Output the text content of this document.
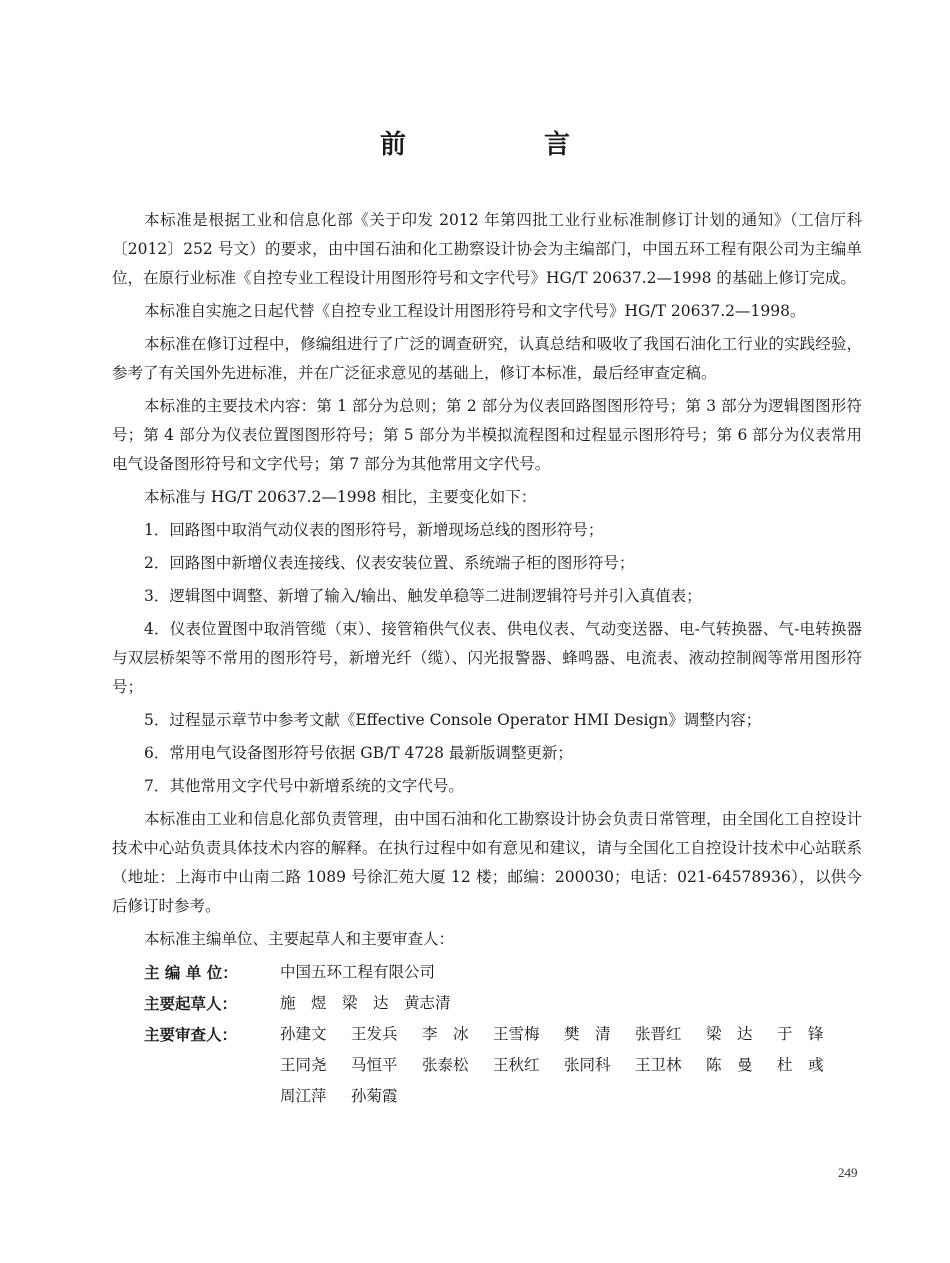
前　言

本标准是根据工业和信息化部《关于印发 2012 年第四批工业行业标准制修订计划的通知》（工信厅科〔2012〕252 号文）的要求，由中国石油和化工勘察设计协会为主编部门，中国五环工程有限公司为主编单位，在原行业标准《自控专业工程设计用图形符号和文字代号》HG/T 20637.2—1998 的基础上修订完成。

本标准自实施之日起代替《自控专业工程设计用图形符号和文字代号》HG/T 20637.2—1998。

本标准在修订过程中，修编组进行了广泛的调查研究，认真总结和吸收了我国石油化工行业的实践经验，参考了有关国外先进标准，并在广泛征求意见的基础上，修订本标准，最后经审查定稿。

本标准的主要技术内容：第 1 部分为总则；第 2 部分为仪表回路图图形符号；第 3 部分为逻辑图图形符号；第 4 部分为仪表位置图图形符号；第 5 部分为半模拟流程图和过程显示图形符号；第 6 部分为仪表常用电气设备图形符号和文字代号；第 7 部分为其他常用文字代号。

本标准与 HG/T 20637.2—1998 相比，主要变化如下：

1．回路图中取消气动仪表的图形符号，新增现场总线的图形符号；

2．回路图中新增仪表连接线、仪表安装位置、系统端子柜的图形符号；

3．逻辑图中调整、新增了输入/输出、触发单稳等二进制逻辑符号并引入真值表；

4．仪表位置图中取消管缆（束）、接管箱供气仪表、供电仪表、气动变送器、电-气转换器、气-电转换器与双层桥架等不常用的图形符号，新增光纤（缆）、闪光报警器、蜂鸣器、电流表、液动控制阀等常用图形符号；

5．过程显示章节中参考文献《Effective Console Operator HMI Design》调整内容；

6．常用电气设备图形符号依据 GB/T 4728 最新版调整更新；

7．其他常用文字代号中新增系统的文字代号。

本标准由工业和信息化部负责管理，由中国石油和化工勘察设计协会负责日常管理，由全国化工自控设计技术中心站负责具体技术内容的解释。在执行过程中如有意见和建议，请与全国化工自控设计技术中心站联系（地址：上海市中山南二路 1089 号徐汇苑大厦 12 楼；邮编：200030；电话：021-64578936），以供今后修订时参考。

本标准主编单位、主要起草人和主要审查人：

主 编 单 位：	中国五环工程有限公司
主要起草人：	施　煜　梁　达　黄志清
主要审查人：	孙建文	王发兵	李　冰	王雪梅	樊　清	张晋红	梁　达	于　锋
王同尧	马恒平	张泰松	王秋红	张同科	王卫林	陈　曼	杜　彧
周江萍	孙菊霞
249
